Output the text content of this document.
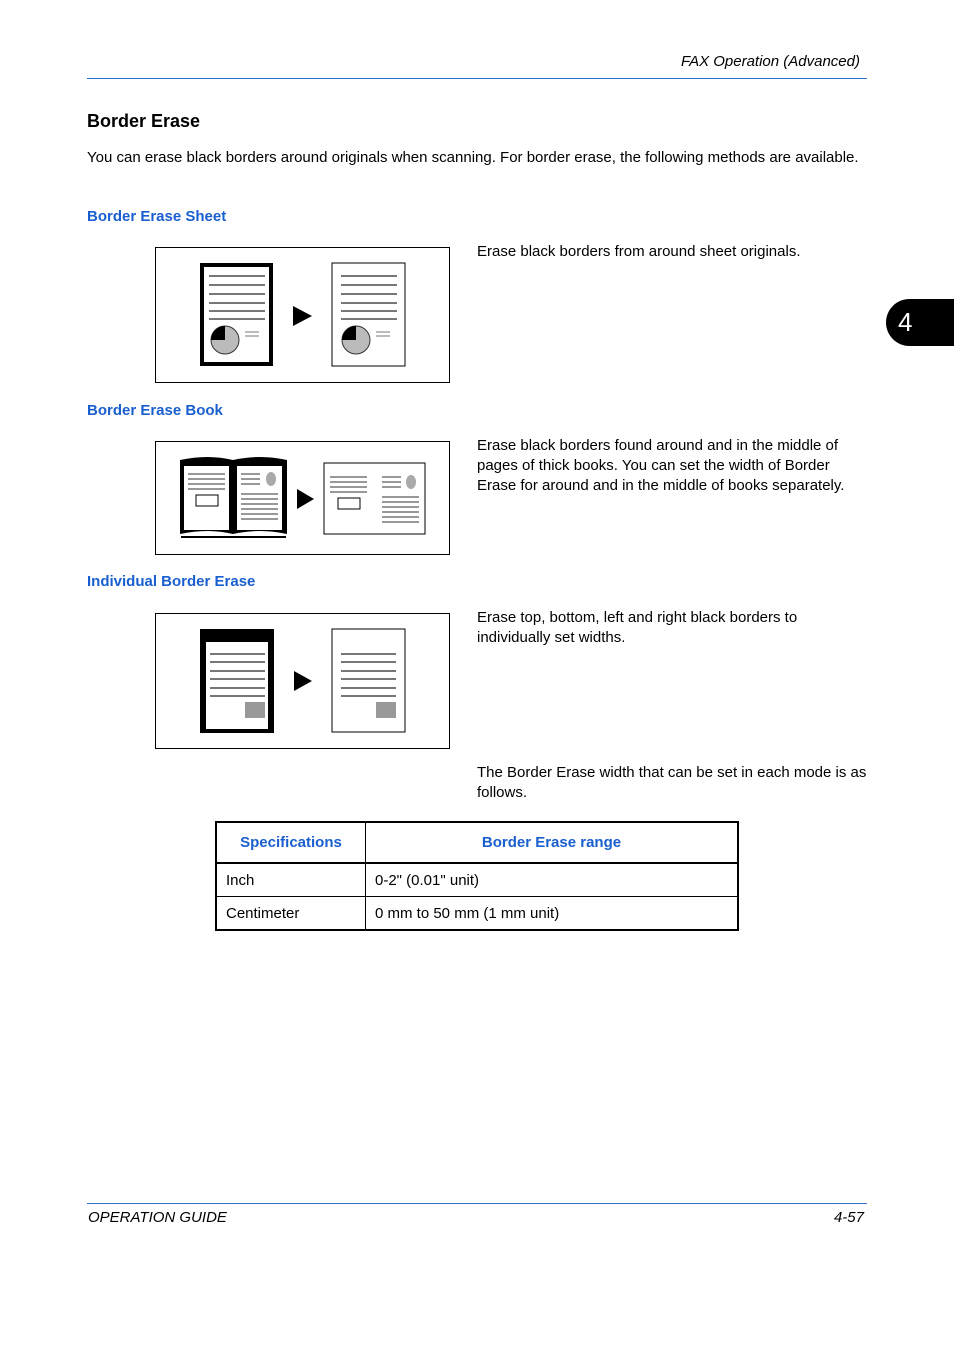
FAX Operation (Advanced)
4
Border Erase
You can erase black borders around originals when scanning. For border erase, the following methods are available.
Border Erase Sheet
Erase black borders from around sheet originals.
Border Erase Book
Erase black borders found around and in the middle of pages of thick books. You can set the width of Border Erase for around and in the middle of books separately.
Individual Border Erase
Erase top, bottom, left and right black borders to individually set widths.
The Border Erase width that can be set in each mode is as follows.
Specifications	Border Erase range
Inch	0-2" (0.01" unit)
Centimeter	0 mm to 50 mm (1 mm unit)
OPERATION GUIDE	4-57
